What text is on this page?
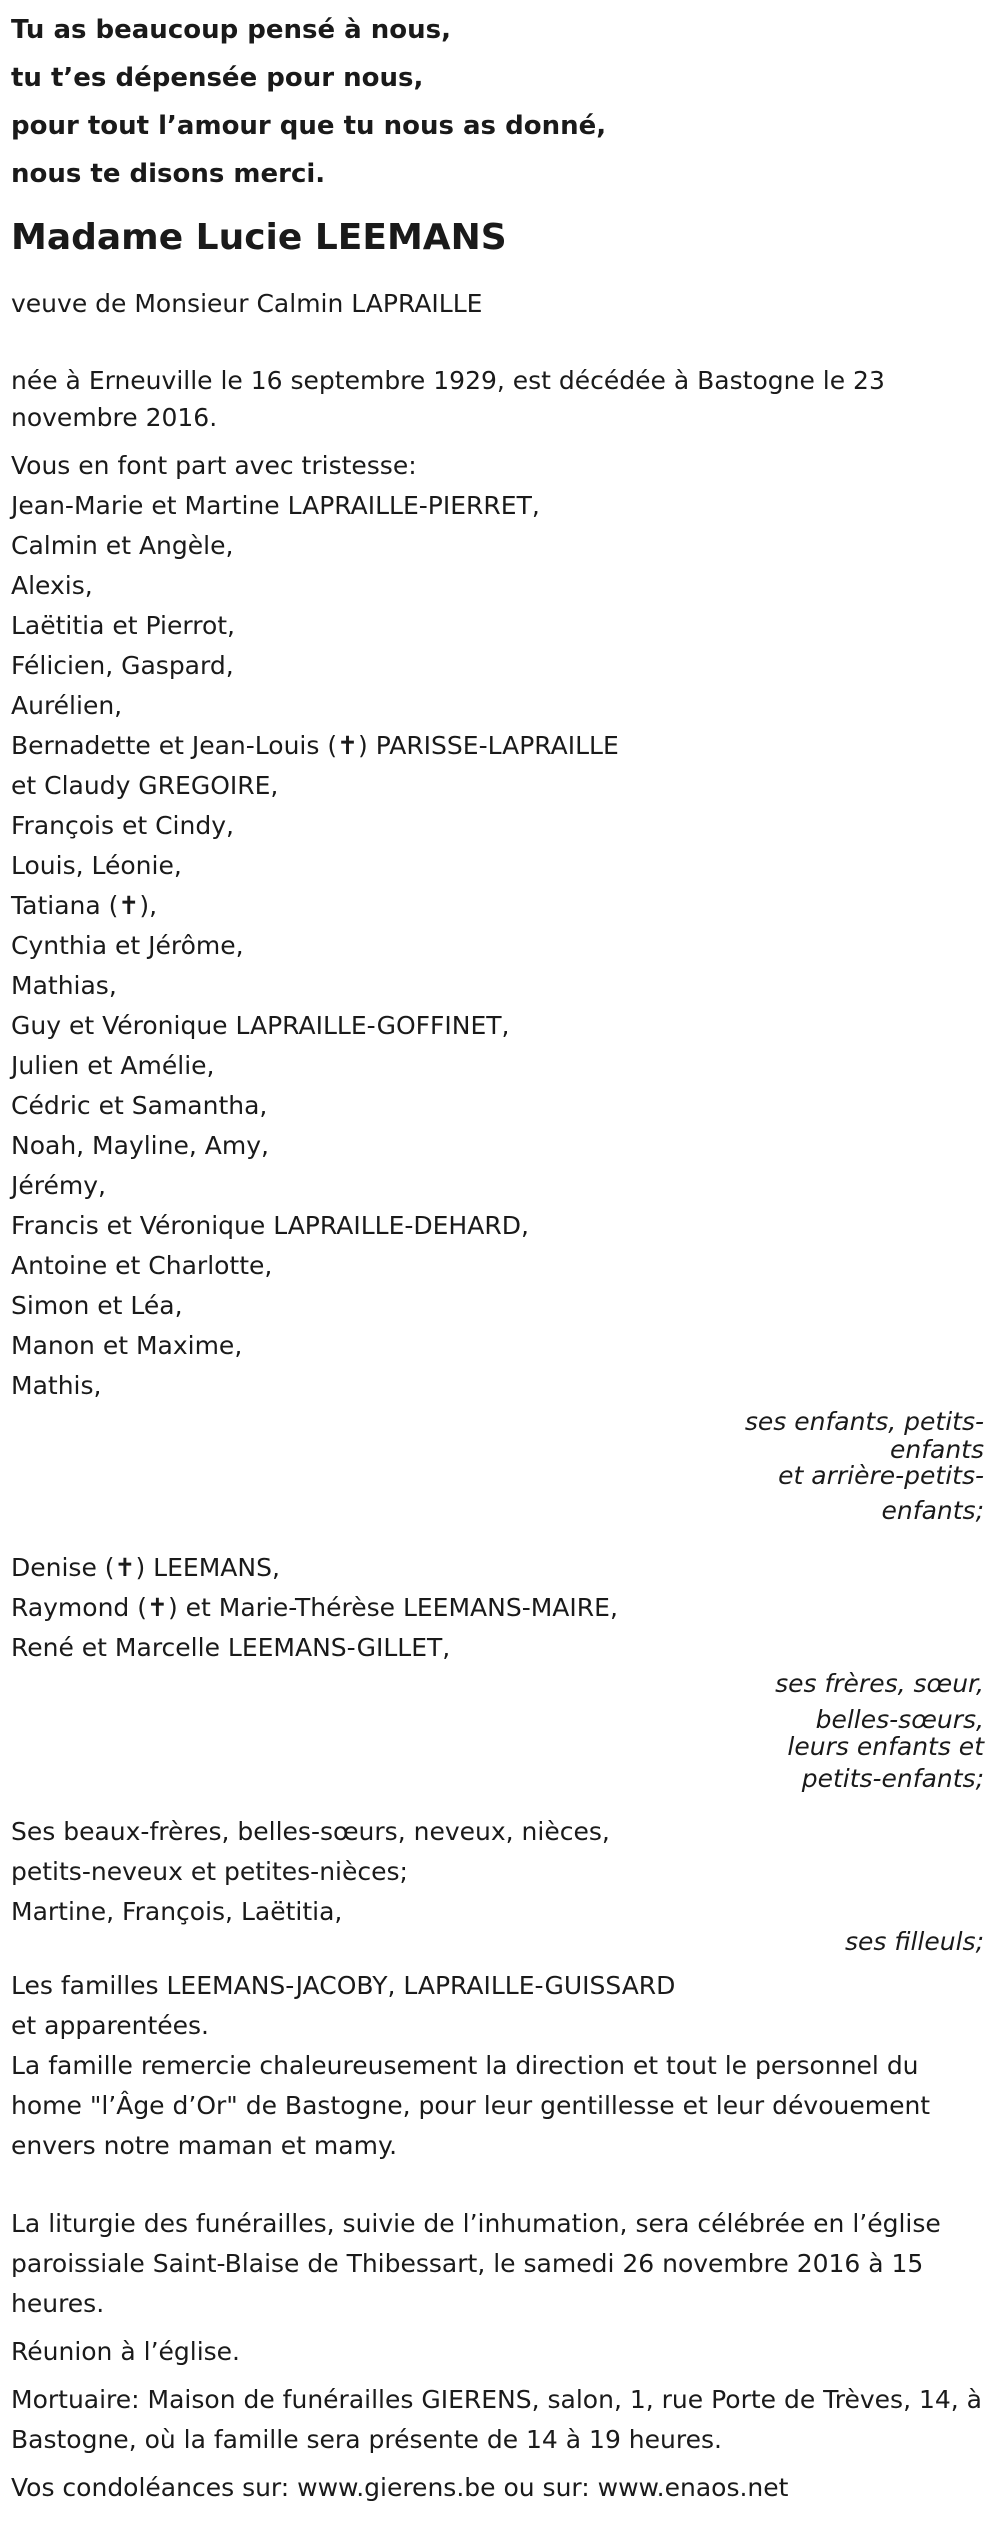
Tu as beaucoup pensé à nous,
tu t’es dépensée pour nous,
pour tout l’amour que tu nous as donné,
nous te disons merci.
Madame Lucie LEEMANS
veuve de Monsieur Calmin LAPRAILLE
née à Erneuville le 16 septembre 1929, est décédée à Bastogne le 23 novembre 2016.
Vous en font part avec tristesse:
Jean-Marie et Martine LAPRAILLE-PIERRET,
Calmin et Angèle,
Alexis,
Laëtitia et Pierrot,
Félicien, Gaspard,
Aurélien,
Bernadette et Jean-Louis (✝) PARISSE-LAPRAILLE
et Claudy GREGOIRE,
François et Cindy,
Louis, Léonie,
Tatiana (✝),
Cynthia et Jérôme,
Mathias,
Guy et Véronique LAPRAILLE-GOFFINET,
Julien et Amélie,
Cédric et Samantha,
Noah, Mayline, Amy,
Jérémy,
Francis et Véronique LAPRAILLE-DEHARD,
Antoine et Charlotte,
Simon et Léa,
Manon et Maxime,
Mathis,
ses enfants, petits-
enfants
et arrière-petits-
enfants;
Denise (✝) LEEMANS,
Raymond (✝) et Marie-Thérèse LEEMANS-MAIRE,
René et Marcelle LEEMANS-GILLET,
ses frères, sœur,
belles-sœurs,
leurs enfants et
petits-enfants;
Ses beaux-frères, belles-sœurs, neveux, nièces,
petits-neveux et petites-nièces;
Martine, François, Laëtitia,
ses filleuls;
Les familles LEEMANS-JACOBY, LAPRAILLE-GUISSARD
et apparentées.
La famille remercie chaleureusement la direction et tout le personnel du home "l’Âge d’Or" de Bastogne, pour leur gentillesse et leur dévouement envers notre maman et mamy.
La liturgie des funérailles, suivie de l’inhumation, sera célébrée en l’église paroissiale Saint-Blaise de Thibessart, le samedi 26 novembre 2016 à 15 heures.
Réunion à l’église.
Mortuaire: Maison de funérailles GIERENS, salon, 1, rue Porte de Trèves, 14, à Bastogne, où la famille sera présente de 14 à 19 heures.
Vos condoléances sur: www.gierens.be ou sur: www.enaos.net
